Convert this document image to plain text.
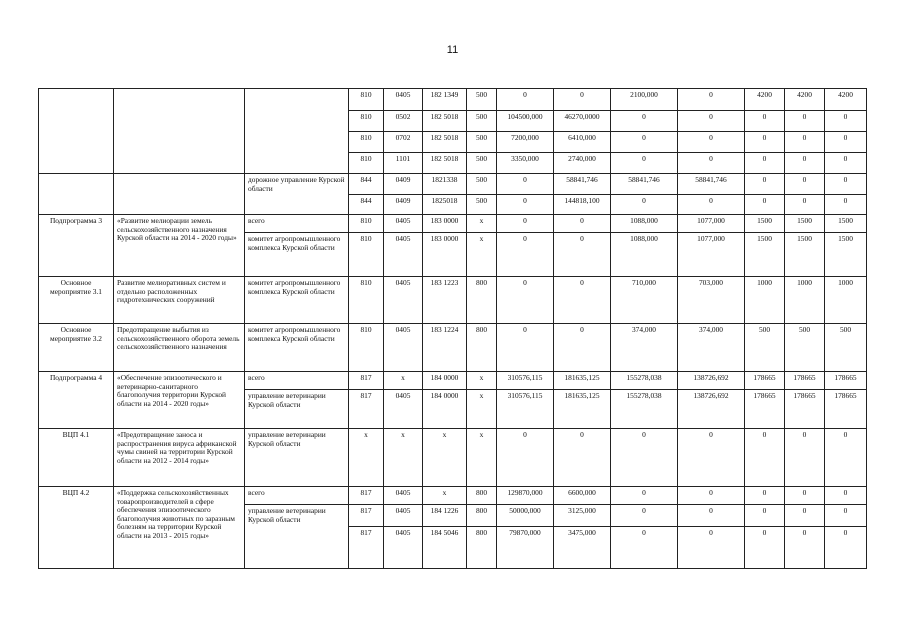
11
			810	0405	182 1349	500	0	0	2100,000	0	4200	4200	4200
			810	0502	182 5018	500	104500,000	46270,0000	0	0	0	0	0
			810	0702	182 5018	500	7200,000	6410,000	0	0	0	0	0
			810	1101	182 5018	500	3350,000	2740,000	0	0	0	0	0
		дорожное управление Курской области	844	0409	1821338	500	0	58841,746	58841,746	58841,746	0	0	0
			844	0409	1825018	500	0	144818,100	0	0	0	0	0
Подпрограмма 3	«Развитие мелиорации земель сельскохозяйственного назначения Курской области на 2014 - 2020 годы»	всего	810	0405	183 0000	x	0	0	1088,000	1077,000	1500	1500	1500
		комитет агропромышленного комплекса Курской области	810	0405	183 0000	x	0	0	1088,000	1077,000	1500	1500	1500
Основное мероприятие 3.1	Развитие мелиоративных систем и отдельно расположенных гидротехнических сооружений	комитет агропромышленного комплекса Курской области	810	0405	183 1223	800	0	0	710,000	703,000	1000	1000	1000
Основное мероприятие 3.2	Предотвращение выбытия из сельскохозяйственного оборота земель сельскохозяйственного назначения	комитет агропромышленного комплекса Курской области	810	0405	183 1224	800	0	0	374,000	374,000	500	500	500
Подпрограмма 4	«Обеспечение эпизоотического и ветеринарно-санитарного благополучия территории Курской области на 2014 - 2020 годы»	всего	817	x	184 0000	x	310576,115	181635,125	155278,038	138726,692	178665	178665	178665
		управление ветеринарии Курской области	817	0405	184 0000	x	310576,115	181635,125	155278,038	138726,692	178665	178665	178665
ВЦП 4.1	«Предотвращение заноса и распространения вируса африканской чумы свиней на территории Курской области на 2012 - 2014 годы»	управление ветеринарии Курской области	x	x	x	x	0	0	0	0	0	0	0
ВЦП 4.2	«Поддержка сельскохозяйственных товаропроизводителей в сфере обеспечения эпизоотического благополучия животных по заразным болезням на территории Курской области на 2013 - 2015 годы»	всего	817	0405	x	800	129870,000	6600,000	0	0	0	0	0
		управление ветеринарии Курской области	817	0405	184 1226	800	50000,000	3125,000	0	0	0	0	0
			817	0405	184 5046	800	79870,000	3475,000	0	0	0	0	0
